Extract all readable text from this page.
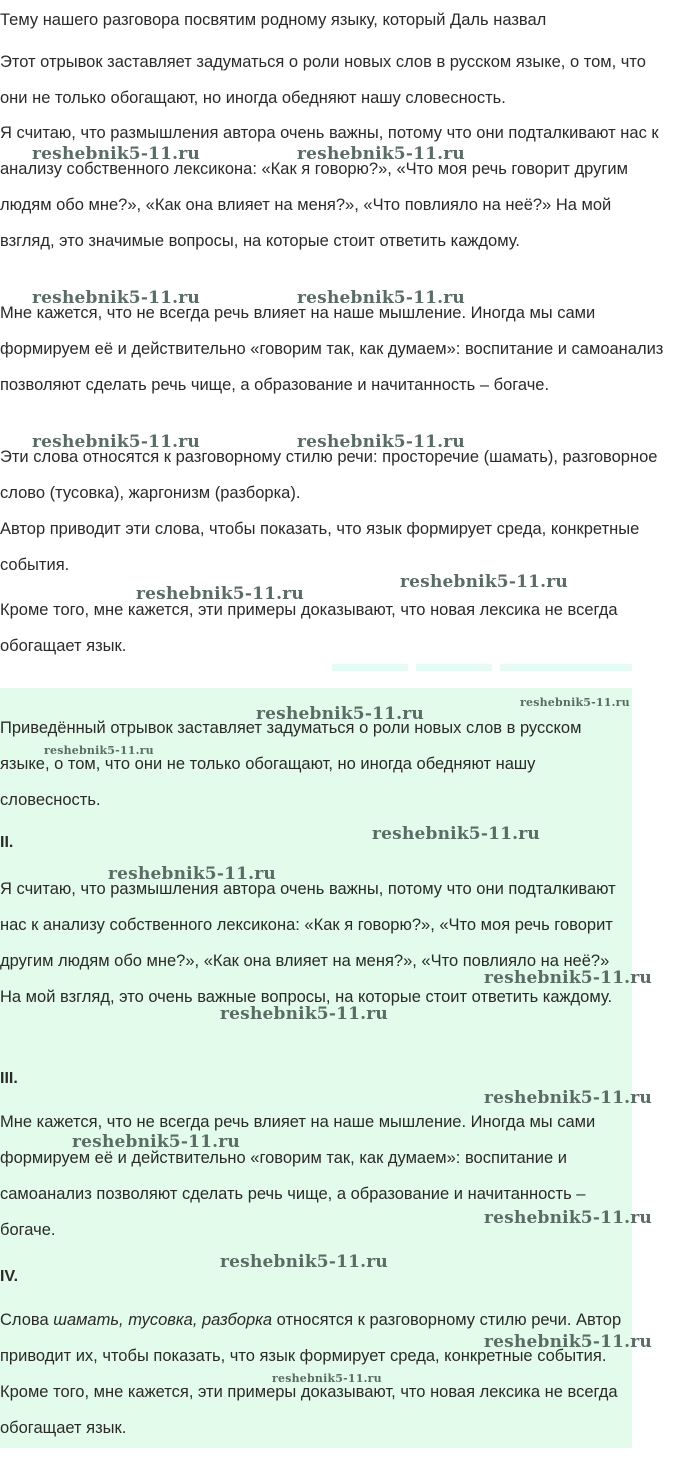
Тему нашего разговора посвятим родному языку, который Даль назвал

Этот отрывок заставляет задуматься о роли новых слов в русском языке, о том, что они не только обогащают, но иногда обедняют нашу словесность.

Я считаю, что размышления автора очень важны, потому что они подталкивают нас к анализу собственного лексикона: «Как я говорю?», «Что моя речь говорит другим людям обо мне?», «Как она влияет на меня?», «Что повлияло на неё?» На мой взгляд, это значимые вопросы, на которые стоит ответить каждому.

Мне кажется, что не всегда речь влияет на наше мышление. Иногда мы сами формируем её и действительно «говорим так, как думаем»: воспитание и самоанализ позволяют сделать речь чище, а образование и начитанность – богаче.

Эти слова относятся к разговорному стилю речи: просторечие (шамать), разговорное слово (тусовка), жаргонизм (разборка).

Автор приводит эти слова, чтобы показать, что язык формирует среда, конкретные события.

Кроме того, мне кажется, эти примеры доказывают, что новая лексика не всегда обогащает язык.

Приведённый отрывок заставляет задуматься о роли новых слов в русском языке, о том, что они не только обогащают, но иногда обедняют нашу словесность.

II.

Я считаю, что размышления автора очень важны, потому что они подталкивают нас к анализу собственного лексикона: «Как я говорю?», «Что моя речь говорит другим людям обо мне?», «Как она влияет на меня?», «Что повлияло на неё?» На мой взгляд, это очень важные вопросы, на которые стоит ответить каждому.

III.

Мне кажется, что не всегда речь влияет на наше мышление. Иногда мы сами формируем её и действительно «говорим так, как думаем»: воспитание и самоанализ позволяют сделать речь чище, а образование и начитанность – богаче.

IV.

Слова шамать, тусовка, разборка относятся к разговорному стилю речи. Автор приводит их, чтобы показать, что язык формирует среда, конкретные события. Кроме того, мне кажется, эти примеры доказывают, что новая лексика не всегда обогащает язык.

reshebnik5-11.ru	reshebnik5-11.ru
reshebnik5-11.ru	reshebnik5-11.ru
reshebnik5-11.ru	reshebnik5-11.ru
reshebnik5-11.ru
reshebnik5-11.ru
reshebnik5-11.ru
reshebnik5-11.ru
reshebnik5-11.ru
reshebnik5-11.ru
reshebnik5-11.ru
reshebnik5-11.ru
reshebnik5-11.ru
reshebnik5-11.ru
reshebnik5-11.ru
reshebnik5-11.ru
reshebnik5-11.ru
reshebnik5-11.ru
reshebnik5-11.ru
